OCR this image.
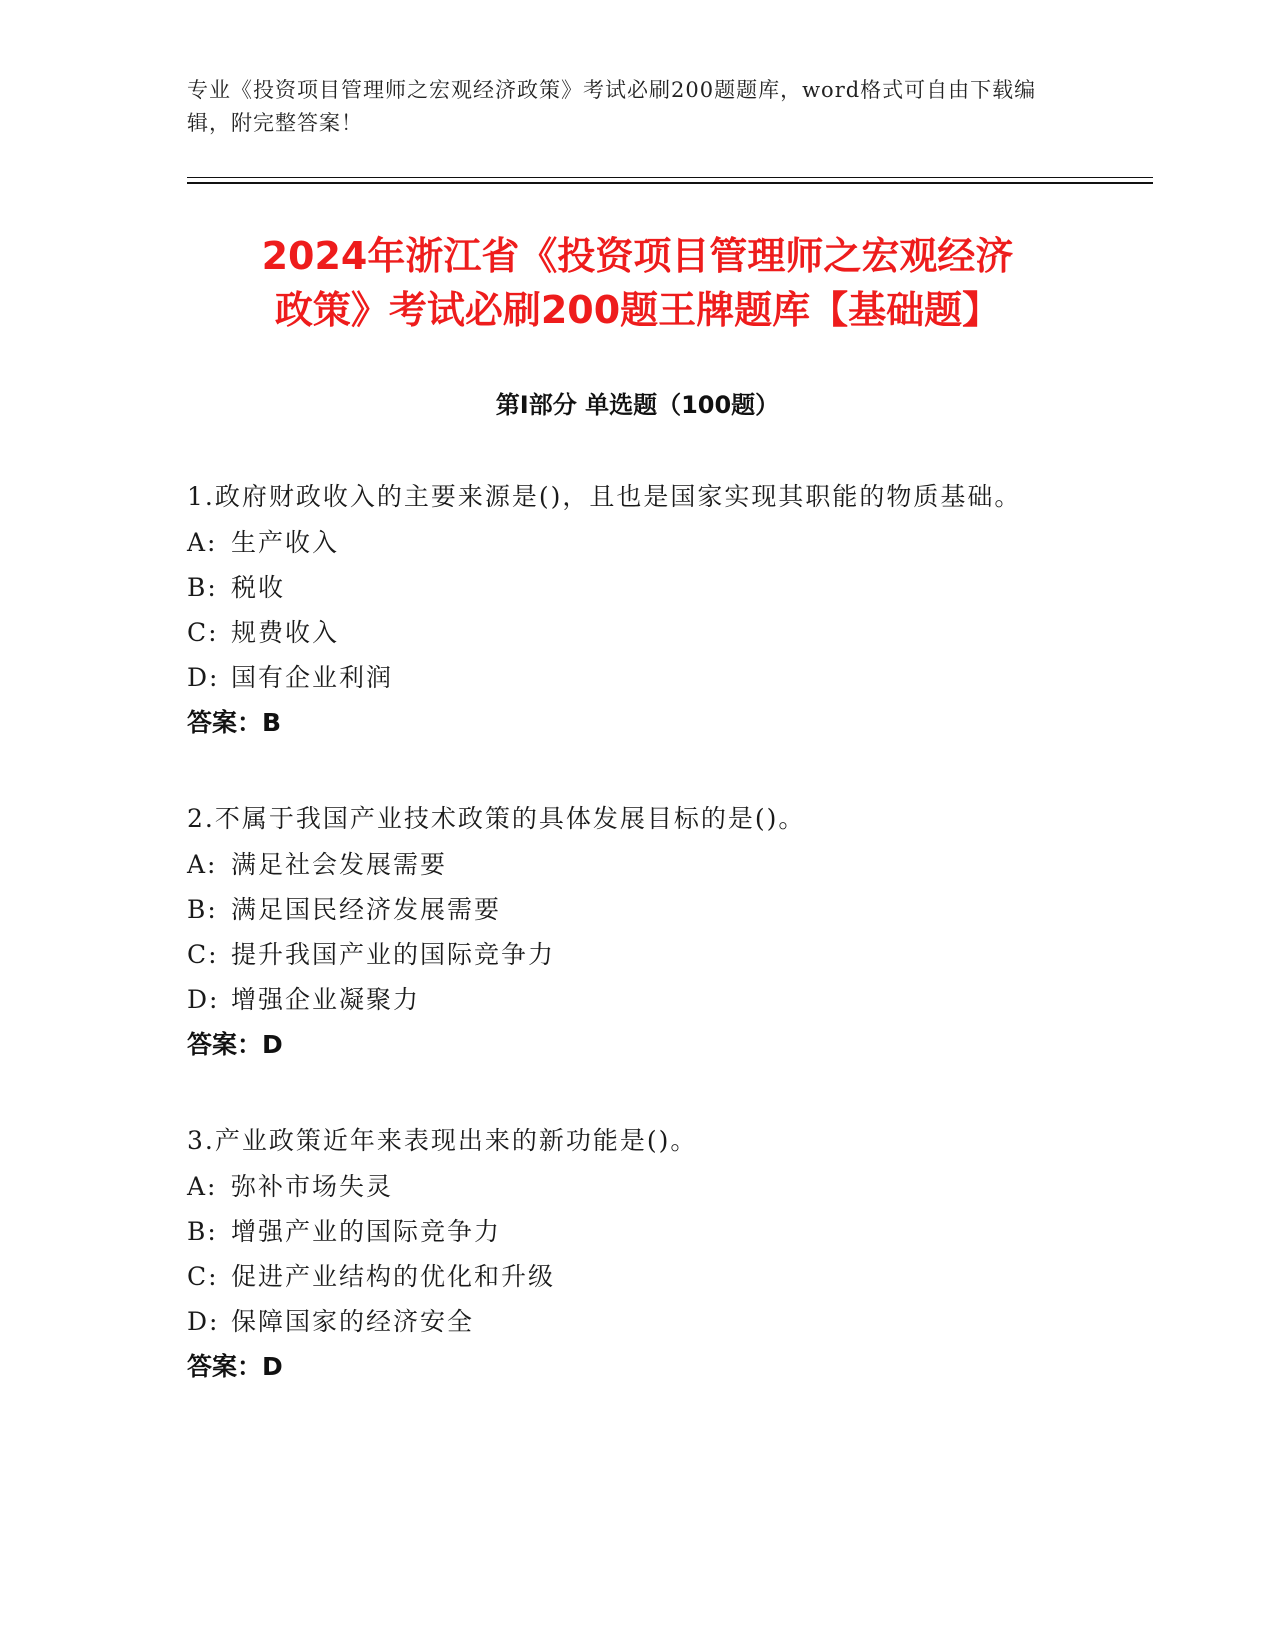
专业《投资项目管理师之宏观经济政策》考试必刷200题题库，word格式可自由下载编辑，附完整答案！
2024年浙江省《投资项目管理师之宏观经济
政策》考试必刷200题王牌题库【基础题】
第I部分 单选题（100题）
1.政府财政收入的主要来源是()，且也是国家实现其职能的物质基础。
A: 生产收入
B: 税收
C: 规费收入
D: 国有企业利润
答案：B
2.不属于我国产业技术政策的具体发展目标的是()。
A: 满足社会发展需要
B: 满足国民经济发展需要
C: 提升我国产业的国际竞争力
D: 增强企业凝聚力
答案：D
3.产业政策近年来表现出来的新功能是()。
A: 弥补市场失灵
B: 增强产业的国际竞争力
C: 促进产业结构的优化和升级
D: 保障国家的经济安全
答案：D
